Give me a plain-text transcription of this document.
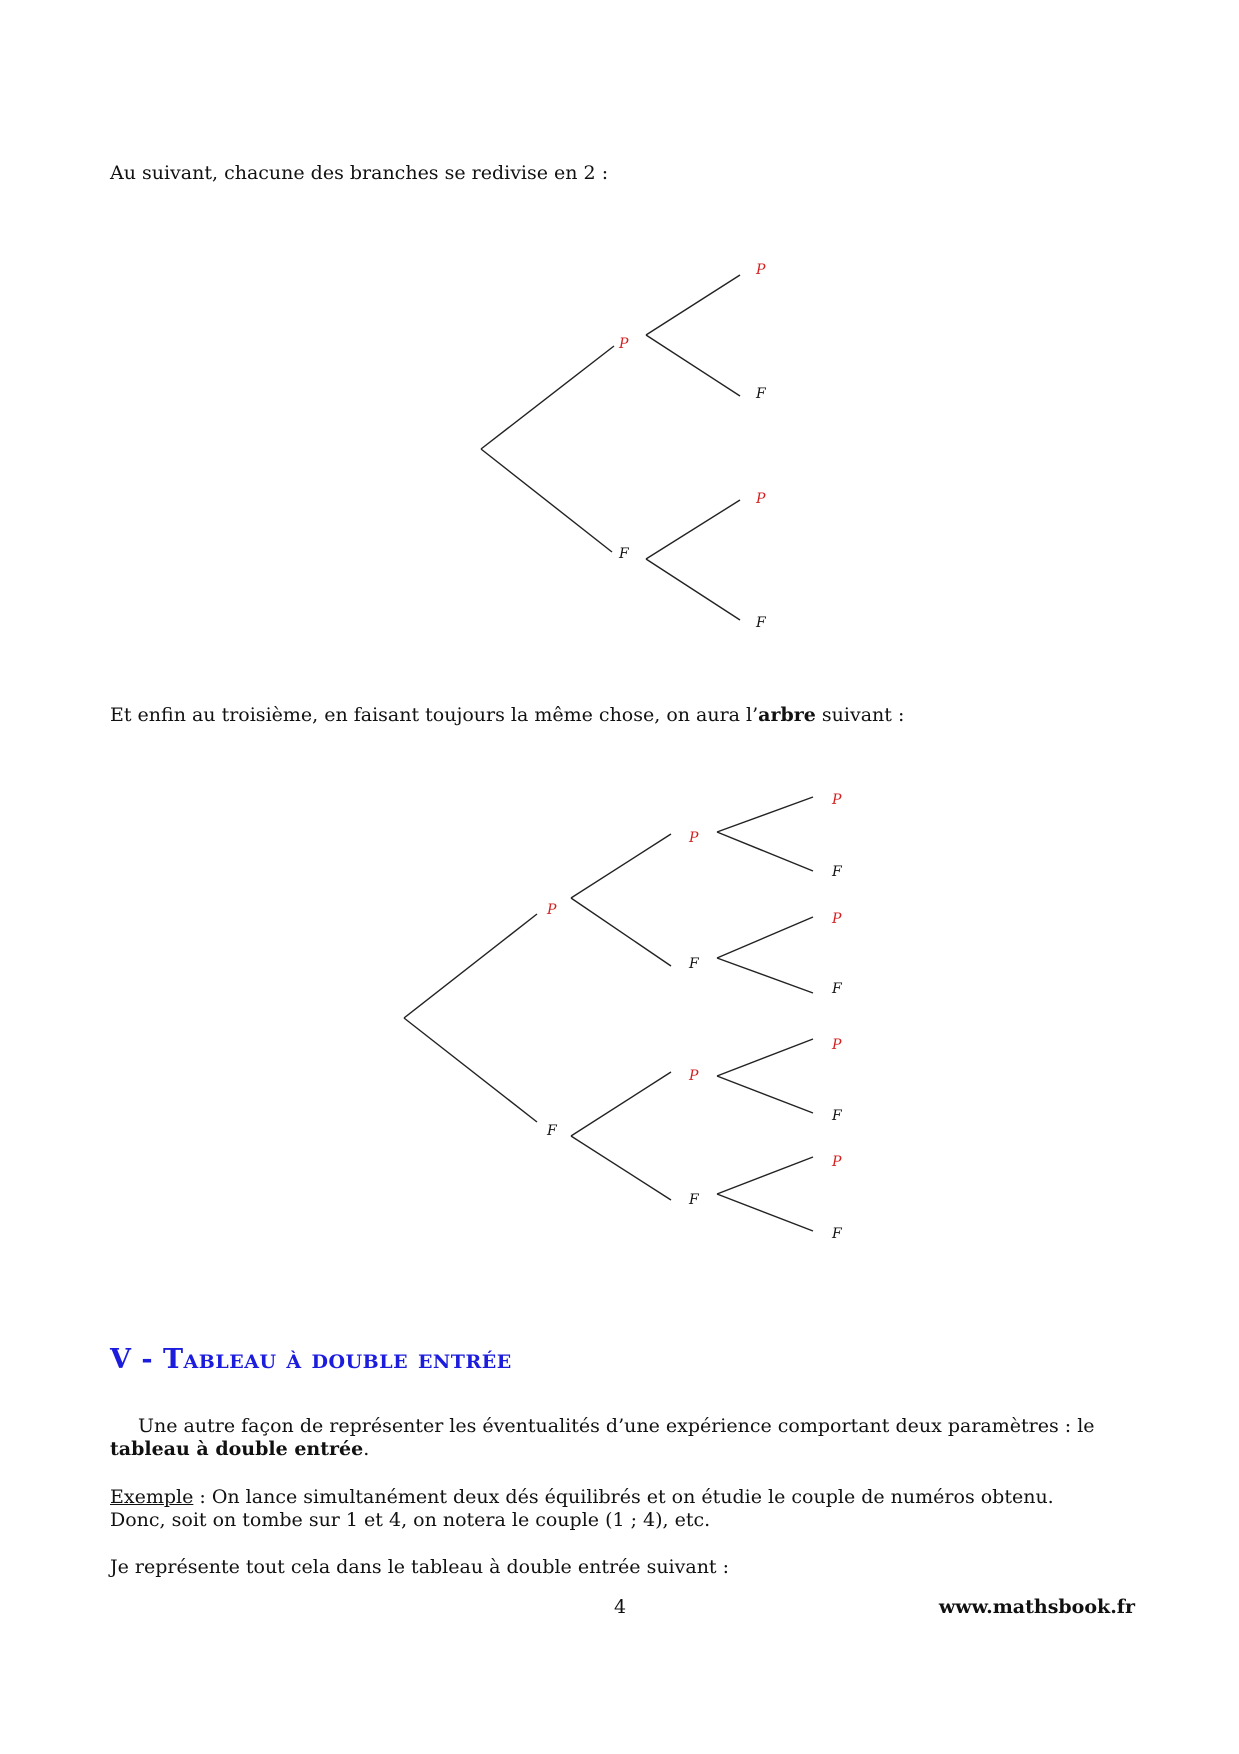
Au suivant, chacune des branches se redivise en 2 :
P
F
P
F
P
F
Et enfin au troisième, en faisant toujours la même chose, on aura l’arbre suivant :
P
F
P
F
P
F
P
F
P
F
P
F
P
F
V - Tableau à double entrée
Une autre façon de représenter les éventualités d’une expérience comportant deux paramètres : le tableau à double entrée.
Exemple : On lance simultanément deux dés équilibrés et on étudie le couple de numéros obtenu.
Donc, soit on tombe sur 1 et 4, on notera le couple (1 ; 4), etc.
Je représente tout cela dans le tableau à double entrée suivant :
4	www.mathsbook.fr
